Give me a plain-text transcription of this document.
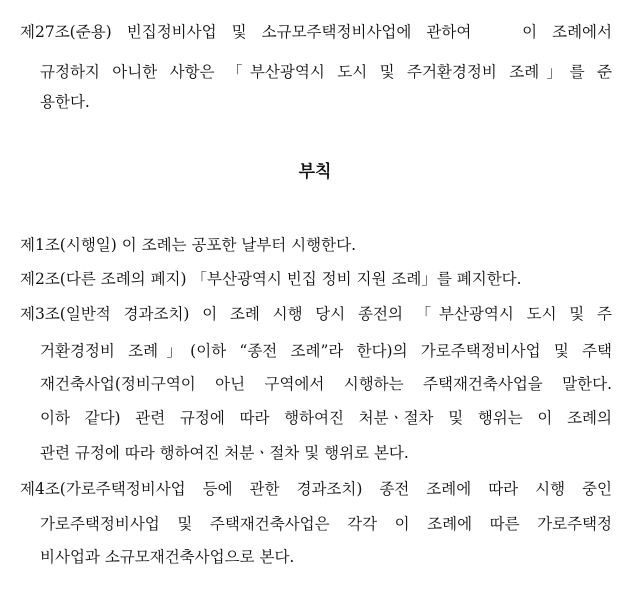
제27조(준용) 빈집정비사업 및 소규모주택정비사업에 관하여　 이 조례에서
규정하지 아니한 사항은 「부산광역시 도시 및 주거환경정비 조례」를 준
용한다.
부칙
제1조(시행일) 이 조례는 공포한 날부터 시행한다.
제2조(다른 조례의 폐지) 「부산광역시 빈집 정비 지원 조례」를 폐지한다.
제3조(일반적 경과조치) 이 조례 시행 당시 종전의 「부산광역시 도시 및 주
거환경정비 조례」(이하 “종전 조례”라 한다)의 가로주택정비사업 및 주택
재건축사업(정비구역이 아닌 구역에서 시행하는 주택재건축사업을 말한다.
이하 같다) 관련 규정에 따라 행하여진 처분ㆍ절차 및 행위는 이 조례의
관련 규정에 따라 행하여진 처분ㆍ절차 및 행위로 본다.
제4조(가로주택정비사업 등에 관한 경과조치) 종전 조례에 따라 시행 중인
가로주택정비사업 및 주택재건축사업은 각각 이 조례에 따른 가로주택정
비사업과 소규모재건축사업으로 본다.
